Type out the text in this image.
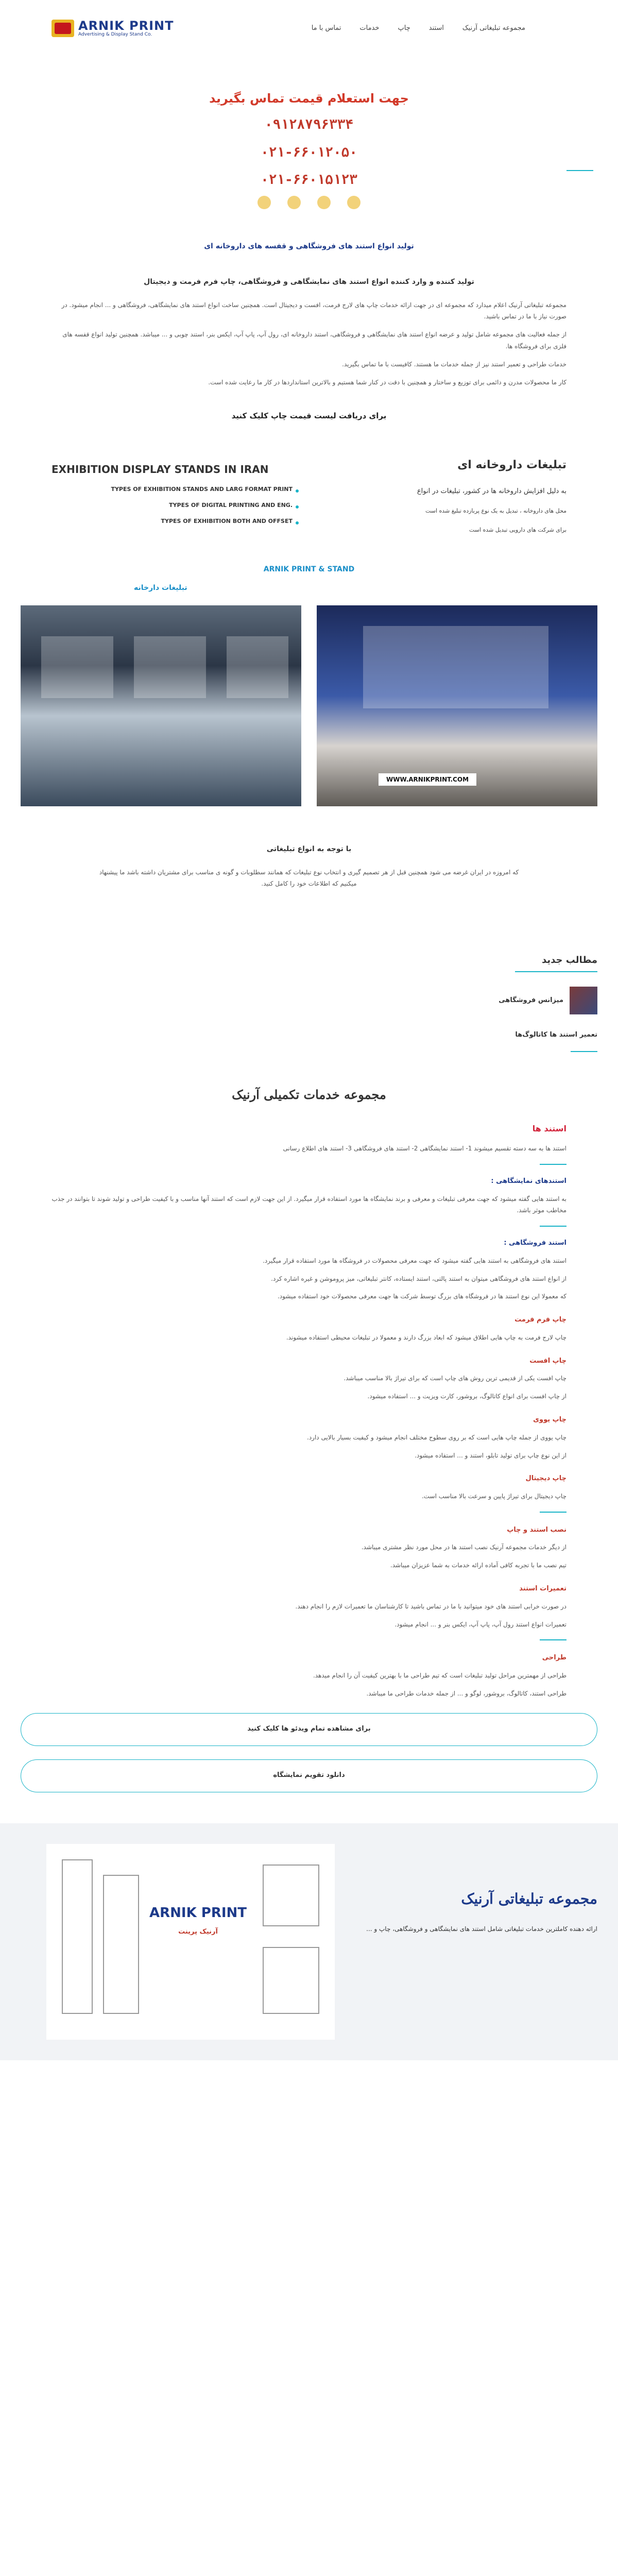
ARNIK PRINT
Advertising & Display Stand Co.
مجموعه تبلیغاتی آرنیک
استند
چاپ
خدمات
تماس با ما
جهت استعلام قیمت تماس بگیرید
۰۹۱۲۸۷۹۶۳۳۴
۰۲۱-۶۶۰۱۲۰۵۰
۰۲۱-۶۶۰۱۵۱۲۳
تولید انواع استند های فروشگاهی و قفسه های داروخانه ای
تولید کننده و وارد کننده انواع استند های نمایشگاهی و فروشگاهی، چاپ فرم فرمت و دیجیتال

مجموعه تبلیغاتی آرنیک اعلام میدارد که مجموعه ای در جهت ارائه خدمات چاپ های لارج فرمت، افست و دیجیتال است. همچنین ساخت انواع استند های نمایشگاهی، فروشگاهی و ... انجام میشود. در صورت نیاز با ما در تماس باشید.

از جمله فعالیت های مجموعه شامل تولید و عرضه انواع استند های نمایشگاهی و فروشگاهی، استند داروخانه ای، رول آپ، پاپ آپ، ایکس بنر، استند چوبی و ... میباشد. همچنین تولید انواع قفسه های فلزی برای فروشگاه ها.

خدمات طراحی و تعمیر استند نیز از جمله خدمات ما هستند. کافیست با ما تماس بگیرید.

کار ما محصولات مدرن و دائمی برای توزیع و ساختار و همچنین با دقت در کنار شما هستیم و بالاترین استانداردها در کار ما رعایت شده است.

برای دریافت لیست قیمت چاپ کلیک کنید
EXHIBITION DISPLAY STANDS IN IRAN
TYPES OF EXHIBITION STANDS AND LARG FORMAT PRINT
TYPES OF DIGITAL PRINTING AND ENG.
TYPES OF EXHIBITION BOTH AND OFFSET
تبلیغات داروخانه ای
به دلیل افزایش داروخانه ها در کشور، تبلیغات در انواع
محل های داروخانه ، تبدیل به یک نوع پربازده تبلیغ شده است
برای شرکت های دارویی تبدیل شده است
ARNIK PRINT & STAND
تبلیغات دارخانه
WWW.ARNIKPRINT.COM
با توجه به انواع تبلیغاتی

که امروزه در ایران غرضه می شود همچنین قبل از هر تصمیم گیری و انتخاب نوع تبلیغات که همانند سطلوبات و گونه ی مناسب برای مشتریان داشته باشد ما پیشنهاد میکنیم که اطلاعات خود را کامل کنید.

مطالب جدید
میزانس فروشگاهی
تعمیر استند ها کاتالوگ‌ها
مجموعه خدمات تکمیلی آرنیک
استند ها

استند ها به سه دسته تقسیم میشوند 1- استند نمایشگاهی 2- استند های فروشگاهی 3- استند های اطلاع رسانی

استندهای نمایشگاهی :

به استند هایی گفته میشود که جهت معرفی تبلیغات و معرفی و برند نمایشگاه ها مورد استفاده قرار میگیرد. از این جهت لازم است که استند آنها مناسب و با کیفیت طراحی و تولید شوند تا بتوانند در جذب مخاطب موثر باشد.

استند فروشگاهی :

استند های فروشگاهی به استند هایی گفته میشود که جهت معرفی محصولات در فروشگاه ها مورد استفاده قرار میگیرد.

از انواع استند های فروشگاهی میتوان به استند پالتی، استند ایستاده، کانتر تبلیغاتی، میز پروموشن و غیره اشاره کرد.

که معمولا این نوع استند ها در فروشگاه های بزرگ توسط شرکت ها جهت معرفی محصولات خود استفاده میشود.

چاپ فرم فرمت

چاپ لارج فرمت به چاپ هایی اطلاق میشود که ابعاد بزرگ دارند و معمولا در تبلیغات محیطی استفاده میشوند.

چاپ افست

چاپ افست یکی از قدیمی ترین روش های چاپ است که برای تیراژ بالا مناسب میباشد.

از چاپ افست برای انواع کاتالوگ، بروشور، کارت ویزیت و ... استفاده میشود.

چاپ یووی

چاپ یووی از جمله چاپ هایی است که بر روی سطوح مختلف انجام میشود و کیفیت بسیار بالایی دارد.

از این نوع چاپ برای تولید تابلو، استند و ... استفاده میشود.

چاپ دیجیتال

چاپ دیجیتال برای تیراژ پایین و سرعت بالا مناسب است.

نصب استند و چاپ

از دیگر خدمات مجموعه آرنیک نصب استند ها در محل مورد نظر مشتری میباشد.

تیم نصب ما با تجربه کافی آماده ارائه خدمات به شما عزیزان میباشد.

تعمیرات استند

در صورت خرابی استند های خود میتوانید با ما در تماس باشید تا کارشناسان ما تعمیرات لازم را انجام دهند.

تعمیرات انواع استند رول آپ، پاپ آپ، ایکس بنر و ... انجام میشود.

طراحی

طراحی از مهمترین مراحل تولید تبلیغات است که تیم طراحی ما با بهترین کیفیت آن را انجام میدهد.

طراحی استند، کاتالوگ، بروشور، لوگو و ... از جمله خدمات طراحی ما میباشد.

برای مشاهده تمام ویدئو ها کلیک کنید
دانلود تقویم نمایشگاه
مجموعه تبلیغاتی آرنیک
ارائه دهنده کاملترین خدمات تبلیغاتی شامل استند های نمایشگاهی و فروشگاهی، چاپ و ...
ARNIK PRINT
آرنیک پرینت
